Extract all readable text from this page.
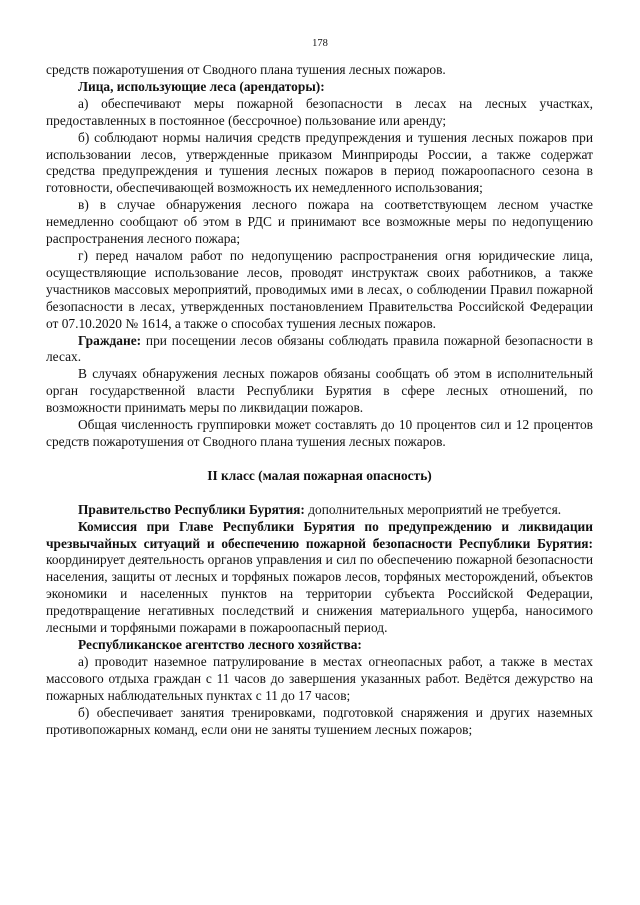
178

средств пожаротушения от Сводного плана тушения лесных пожаров.

Лица, использующие леса (арендаторы):

а) обеспечивают меры пожарной безопасности в лесах на лесных участках, предоставленных в постоянное (бессрочное) пользование или аренду;

б) соблюдают нормы наличия средств предупреждения и тушения лесных пожаров при использовании лесов, утвержденные приказом Минприроды России, а также содержат средства предупреждения и тушения лесных пожаров в период пожароопасного сезона в готовности, обеспечивающей возможность их немедленного использования;

в) в случае обнаружения лесного пожара на соответствующем лесном участке немедленно сообщают об этом в РДС и принимают все возможные меры по недопущению распространения лесного пожара;

г) перед началом работ по недопущению распространения огня юридические лица, осуществляющие использование лесов, проводят инструктаж своих работников, а также участников массовых мероприятий, проводимых ими в лесах, о соблюдении Правил пожарной безопасности в лесах, утвержденных постановлением Правительства Российской Федерации от 07.10.2020 № 1614, а также о способах тушения лесных пожаров.

Граждане: при посещении лесов обязаны соблюдать правила пожарной безопасности в лесах.

В случаях обнаружения лесных пожаров обязаны сообщать об этом в исполнительный орган государственной власти Республики Бурятия в сфере лесных отношений, по возможности принимать меры по ликвидации пожаров.

Общая численность группировки может составлять до 10 процентов сил и 12 процентов средств пожаротушения от Сводного плана тушения лесных пожаров.

II класс (малая пожарная опасность)

Правительство Республики Бурятия: дополнительных мероприятий не требуется.

Комиссия при Главе Республики Бурятия по предупреждению и ликвидации чрезвычайных ситуаций и обеспечению пожарной безопасности Республики Бурятия: координирует деятельность органов управления и сил по обеспечению пожарной безопасности населения, защиты от лесных и торфяных пожаров лесов, торфяных месторождений, объектов экономики и населенных пунктов на территории субъекта Российской Федерации, предотвращение негативных последствий и снижения материального ущерба, наносимого лесными и торфяными пожарами в пожароопасный период.

Республиканское агентство лесного хозяйства:

а) проводит наземное патрулирование в местах огнеопасных работ, а также в местах массового отдыха граждан с 11 часов до завершения указанных работ. Ведётся дежурство на пожарных наблюдательных пунктах с 11 до 17 часов;

б) обеспечивает занятия тренировками, подготовкой снаряжения и других наземных противопожарных команд, если они не заняты тушением лесных пожаров;
